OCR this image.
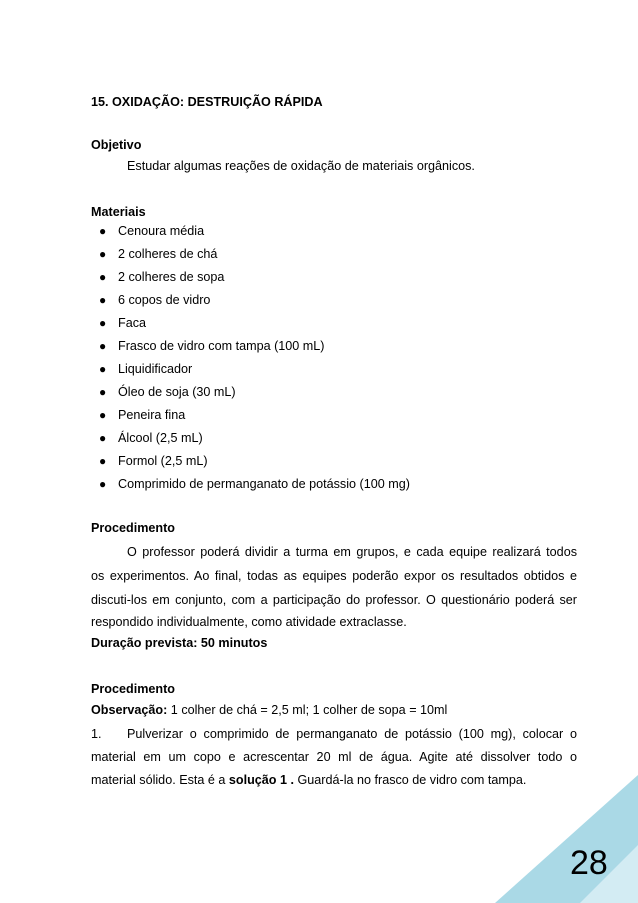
15. OXIDAÇÃO: DESTRUIÇÃO RÁPIDA

Objetivo

Estudar algumas reações de oxidação de materiais orgânicos.

Materiais

● Cenoura média
● 2 colheres de chá
● 2 colheres de sopa
● 6 copos de vidro
● Faca
● Frasco de vidro com tampa (100 mL)
● Liquidificador
● Óleo de soja (30 mL)
● Peneira fina
● Álcool (2,5 mL)
● Formol (2,5 mL)
● Comprimido de permanganato de potássio (100 mg)

Procedimento

O professor poderá dividir a turma em grupos, e cada equipe realizará todos

os experimentos. Ao final, todas as equipes poderão expor os resultados obtidos e

discuti-los em conjunto, com a participação do professor. O questionário poderá ser

respondido individualmente, como atividade extraclasse.

Duração prevista: 50 minutos

Procedimento

Observação: 1 colher de chá = 2,5 ml; 1 colher de sopa = 10ml

1. Pulverizar o comprimido de permanganato de potássio (100 mg), colocar o

material em um copo e acrescentar 20 ml de água. Agite até dissolver todo o

material sólido. Esta é a solução 1 . Guardá-la no frasco de vidro com tampa.

28
